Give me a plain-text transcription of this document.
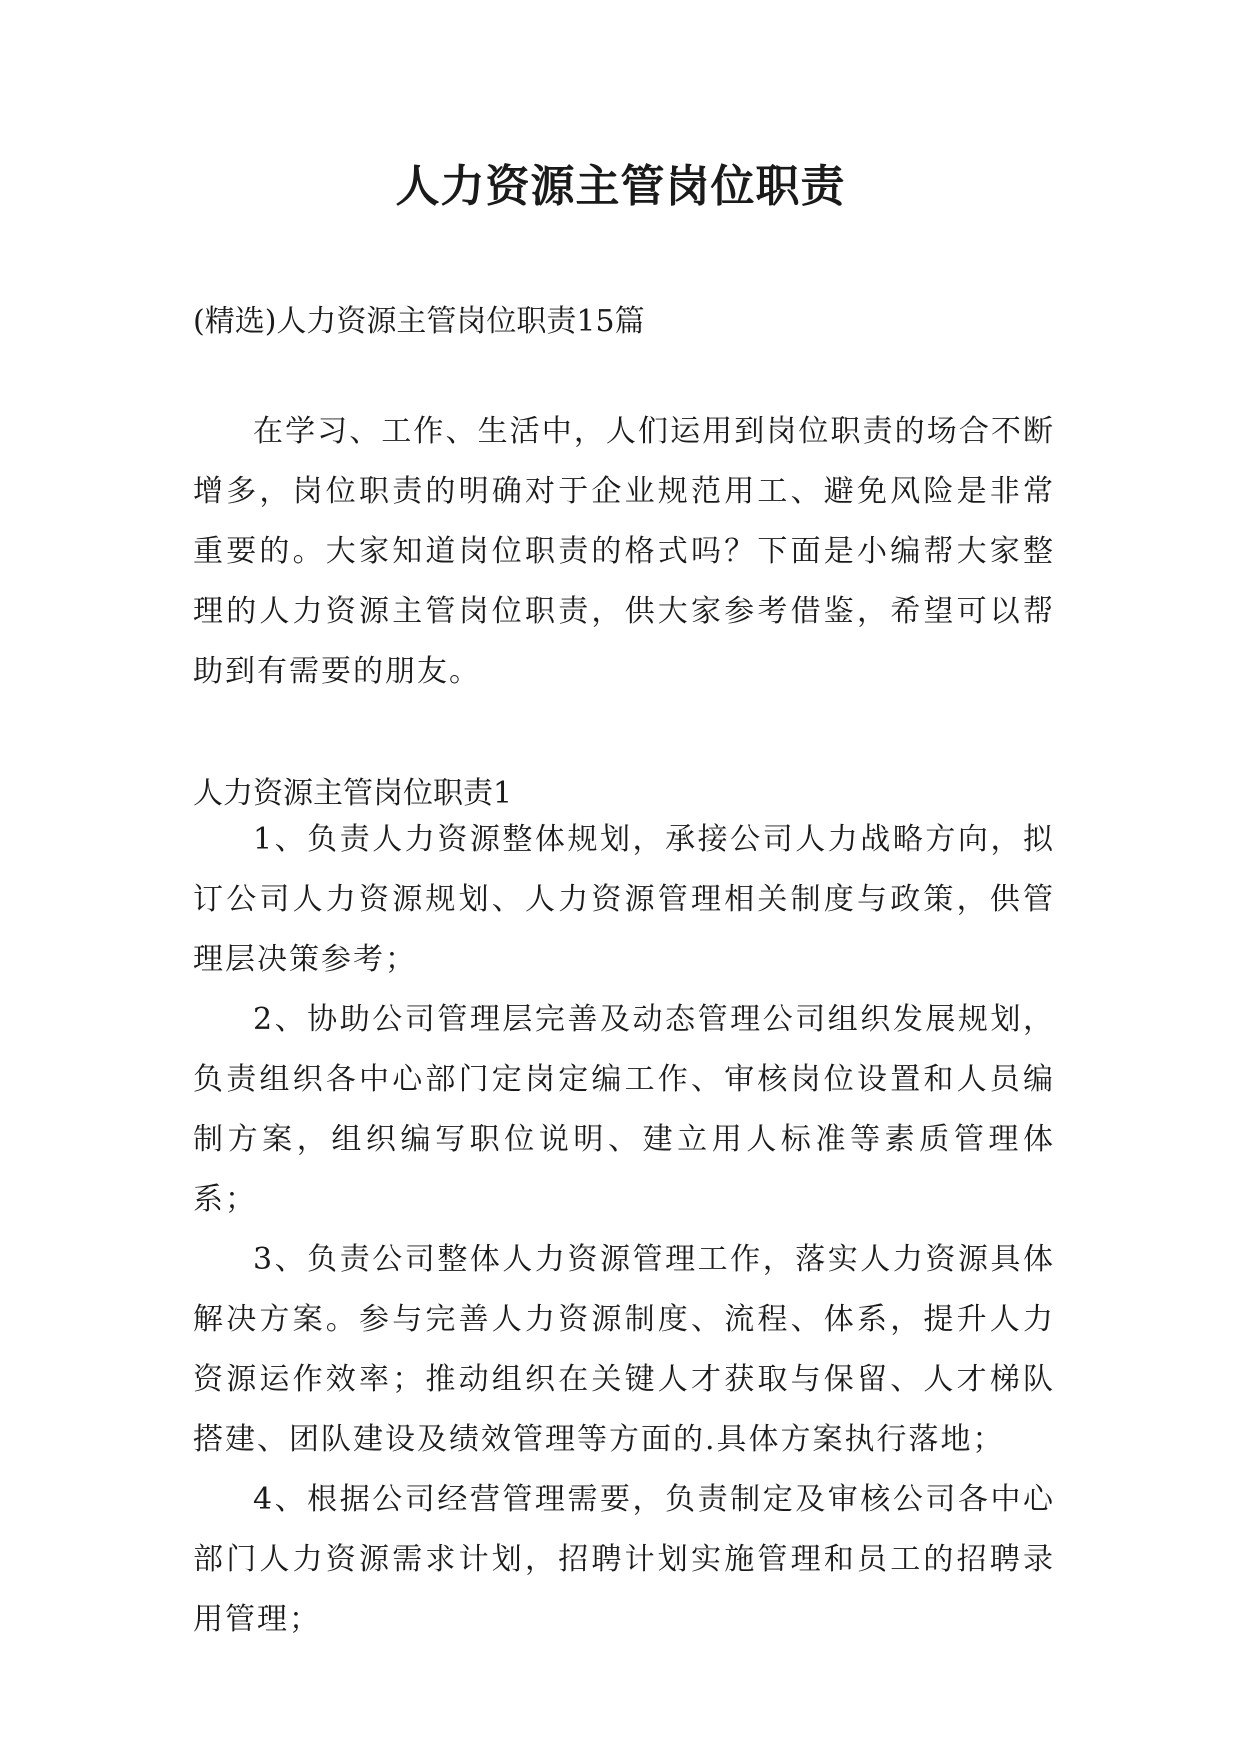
人力资源主管岗位职责

(精选)人力资源主管岗位职责15篇

在学习、工作、生活中，人们运用到岗位职责的场合不断增多，岗位职责的明确对于企业规范用工、避免风险是非常重要的。大家知道岗位职责的格式吗？下面是小编帮大家整理的人力资源主管岗位职责，供大家参考借鉴，希望可以帮助到有需要的朋友。

人力资源主管岗位职责1

1、负责人力资源整体规划，承接公司人力战略方向，拟订公司人力资源规划、人力资源管理相关制度与政策，供管理层决策参考；
2、协助公司管理层完善及动态管理公司组织发展规划，负责组织各中心部门定岗定编工作、审核岗位设置和人员编制方案，组织编写职位说明、建立用人标准等素质管理体系；
3、负责公司整体人力资源管理工作，落实人力资源具体解决方案。参与完善人力资源制度、流程、体系，提升人力资源运作效率；推动组织在关键人才获取与保留、人才梯队搭建、团队建设及绩效管理等方面的.具体方案执行落地；
4、根据公司经营管理需要，负责制定及审核公司各中心部门人力资源需求计划，招聘计划实施管理和员工的招聘录用管理；
